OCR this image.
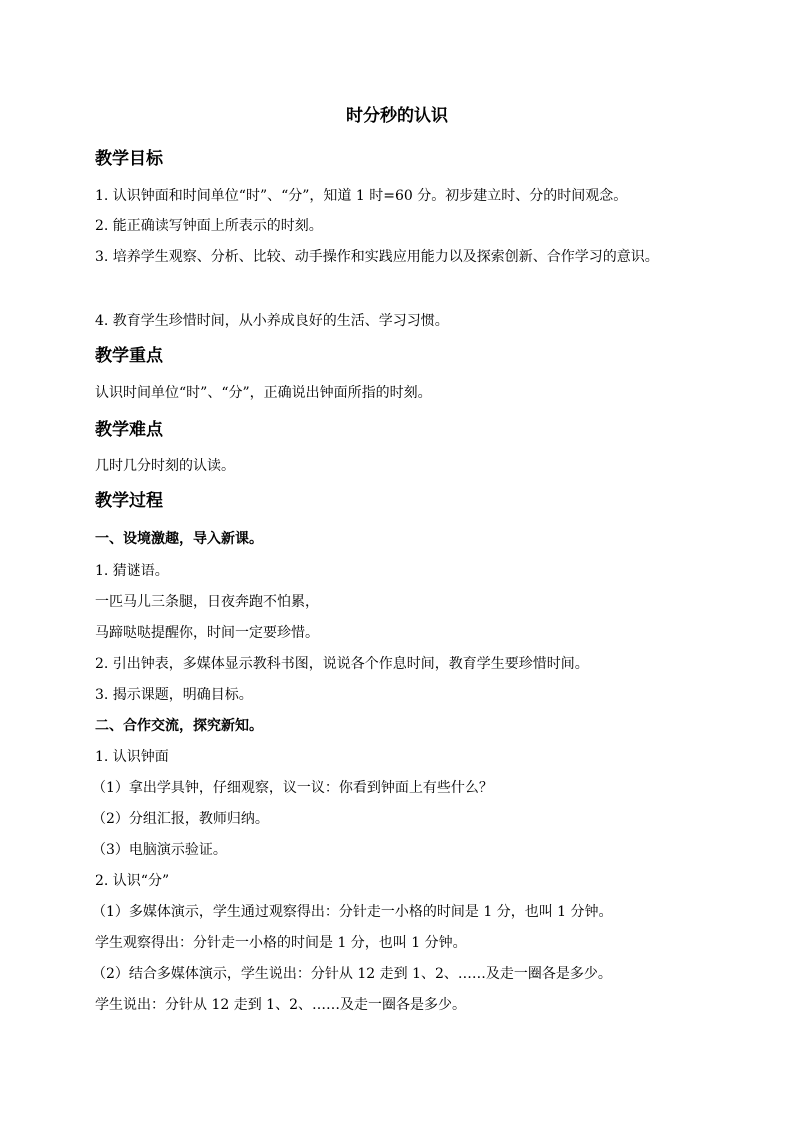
时分秒的认识
教学目标

1. 认识钟面和时间单位“时”、“分”，知道 1 时=60 分。初步建立时、分的时间观念。

2. 能正确读写钟面上所表示的时刻。

3. 培养学生观察、分析、比较、动手操作和实践应用能力以及探索创新、合作学习的意识。

4. 教育学生珍惜时间，从小养成良好的生活、学习习惯。

教学重点

认识时间单位“时”、“分”，正确说出钟面所指的时刻。

教学难点

几时几分时刻的认读。

教学过程

一、设境激趣，导入新课。

1. 猜谜语。

一匹马儿三条腿，日夜奔跑不怕累，

马蹄哒哒提醒你，时间一定要珍惜。

2. 引出钟表，多媒体显示教科书图，说说各个作息时间，教育学生要珍惜时间。

3. 揭示课题，明确目标。

二、合作交流，探究新知。

1. 认识钟面

（1）拿出学具钟，仔细观察，议一议：你看到钟面上有些什么？

（2）分组汇报，教师归纳。

（3）电脑演示验证。

2. 认识“分”

（1）多媒体演示，学生通过观察得出：分针走一小格的时间是 1 分，也叫 1 分钟。

学生观察得出：分针走一小格的时间是 1 分，也叫 1 分钟。

（2）结合多媒体演示，学生说出：分针从 12 走到 1、2、……及走一圈各是多少。

学生说出：分针从 12 走到 1、2、……及走一圈各是多少。
